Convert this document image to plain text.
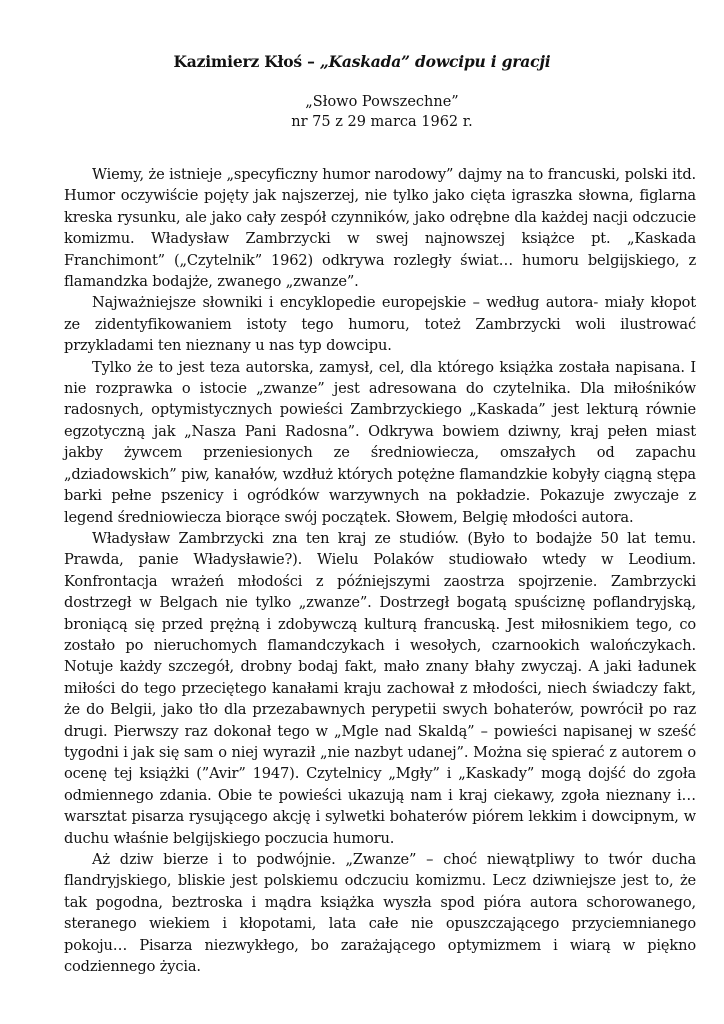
Kazimierz Kłoś – „Kaskada” dowcipu i gracji
„Słowo Powszechne”
nr 75 z 29 marca 1962 r.

Wiemy, że istnieje „specyficzny humor narodowy” dajmy na to francuski, polski itd. Humor oczywiście pojęty jak najszerzej, nie tylko jako cięta igraszka słowna, figlarna kreska rysunku, ale jako cały zespół czynników, jako odrębne dla każdej nacji odczucie komizmu. Władysław Zambrzycki w swej najnowszej książce pt. „Kaskada Franchimont” („Czytelnik” 1962) odkrywa rozległy świat… humoru belgijskiego, z flamandzka bodajże, zwanego „zwanze”.

Najważniejsze słowniki i encyklopedie europejskie – według autora- miały kłopot ze zidentyfikowaniem istoty tego humoru, toteż Zambrzycki woli ilustrować przykladami ten nieznany u nas typ dowcipu.

Tylko że to jest teza autorska, zamysł, cel, dla którego książka została napisana. I nie rozprawka o istocie „zwanze” jest adresowana do czytelnika. Dla miłośników radosnych, optymistycznych powieści Zambrzyckiego „Kaskada” jest lekturą równie egzotyczną jak „Nasza Pani Radosna”. Odkrywa bowiem dziwny, kraj pełen miast jakby żywcem przeniesionych ze średniowiecza, omszałych od zapachu „dziadowskich” piw, kanałów, wzdłuż których potężne flamandzkie kobyły ciągną stępa barki pełne pszenicy i ogródków warzywnych na pokładzie. Pokazuje zwyczaje z legend średniowiecza biorące swój początek. Słowem, Belgię młodości autora.

Władysław Zambrzycki zna ten kraj ze studiów. (Było to bodajże 50 lat temu. Prawda, panie Władysławie?). Wielu Polaków studiowało wtedy w Leodium. Konfrontacja wrażeń młodości z późniejszymi zaostrza spojrzenie. Zambrzycki dostrzegł w Belgach nie tylko „zwanze”. Dostrzegł bogatą spuściznę poflandryjską, broniącą się przed prężną i zdobywczą kulturą francuską. Jest miłosnikiem tego, co zostało po nieruchomych flamandczykach i wesołych, czarnookich walończykach. Notuje każdy szczegół, drobny bodaj fakt, mało znany błahy zwyczaj. A jaki ładunek miłości do tego przeciętego kanałami kraju zachował z młodości, niech świadczy fakt, że do Belgii, jako tło dla przezabawnych perypetii swych bohaterów, powrócił po raz drugi. Pierwszy raz dokonał tego w „Mgle nad Skaldą” – powieści napisanej w sześć tygodni i jak się sam o niej wyraził „nie nazbyt udanej”. Można się spierać z autorem o ocenę tej książki (”Avir” 1947). Czytelnicy „Mgły” i „Kaskady” mogą dojść do zgoła odmiennego zdania. Obie te powieści ukazują nam i kraj ciekawy, zgoła nieznany i… warsztat pisarza rysującego akcję i sylwetki bohaterów piórem lekkim i dowcipnym, w duchu właśnie belgijskiego poczucia humoru.

Aż dziw bierze i to podwójnie. „Zwanze” – choć niewątpliwy to twór ducha flandryjskiego, bliskie jest polskiemu odczuciu komizmu. Lecz dziwniejsze jest to, że tak pogodna, beztroska i mądra książka wyszła spod pióra autora schorowanego, steranego wiekiem i kłopotami, lata całe nie opuszczającego przyciemnianego pokoju… Pisarza niezwykłego, bo zarażającego optymizmem i wiarą w piękno codziennego życia.
